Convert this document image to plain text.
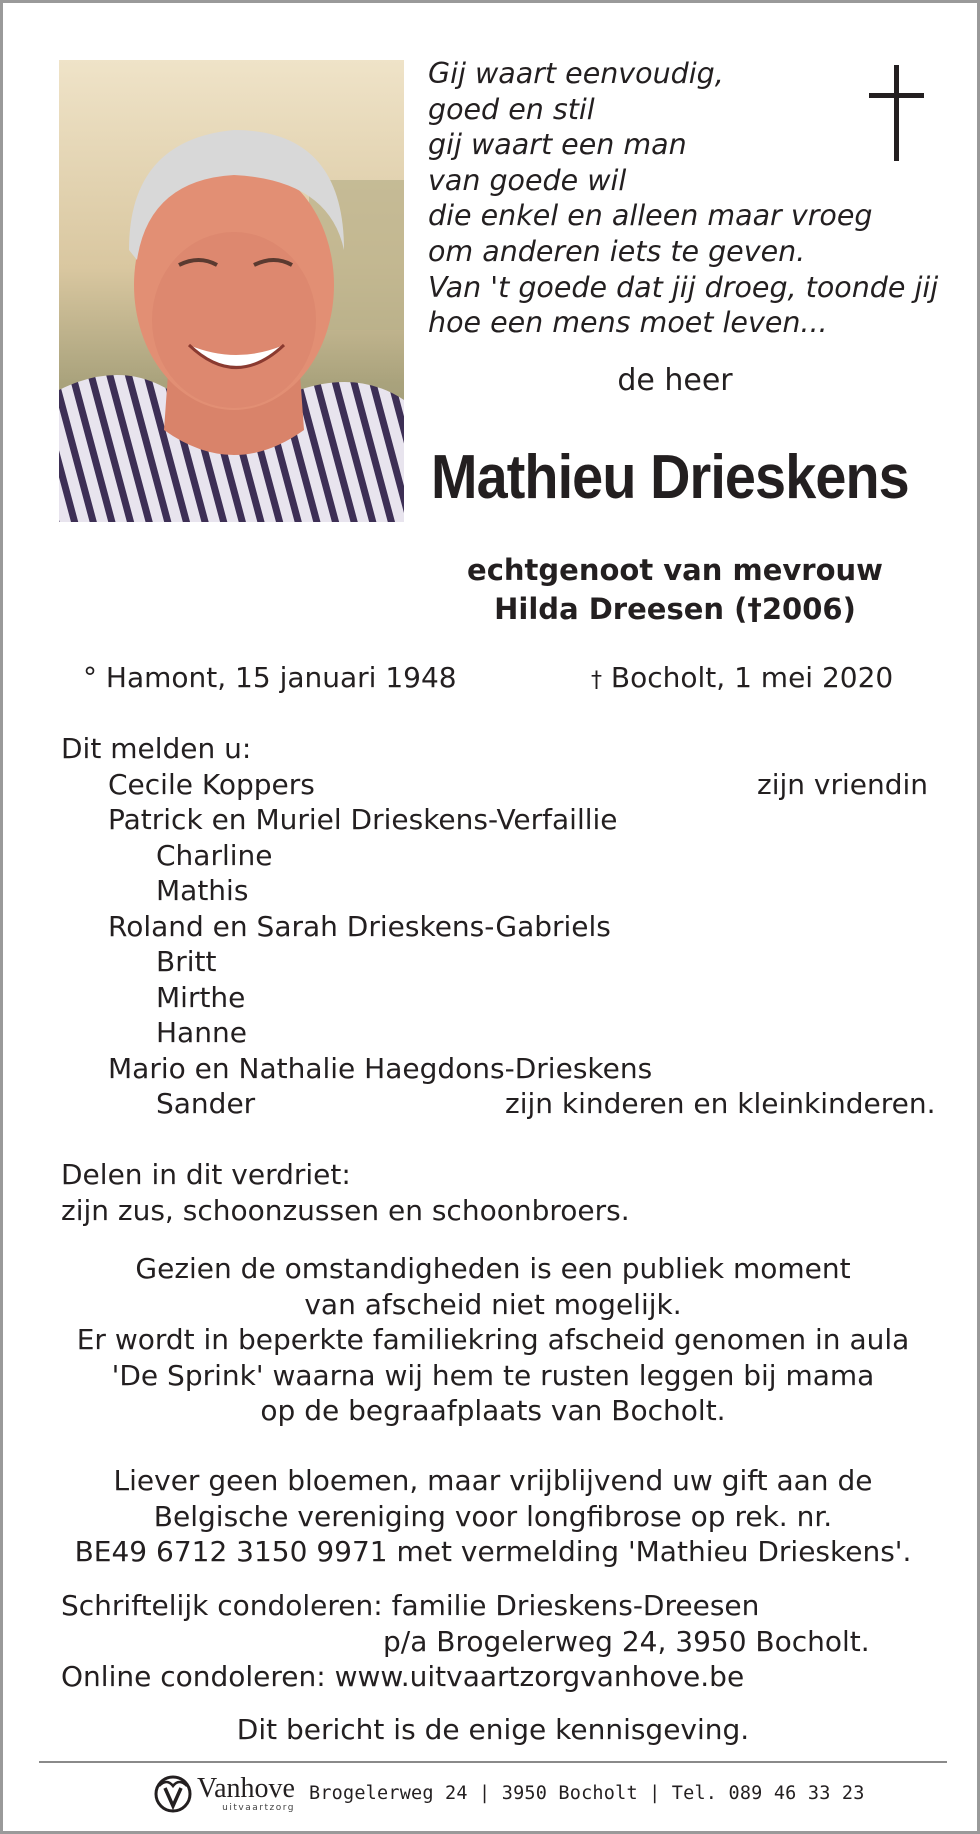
Gij waart eenvoudig,
goed en stil
gij waart een man
van goede wil
die enkel en alleen maar vroeg
om anderen iets te geven.
Van 't goede dat jij droeg, toonde jij
hoe een mens moet leven...
de heer
Mathieu Drieskens
echtgenoot van mevrouw
Hilda Dreesen (†2006)
° Hamont, 15 januari 1948	† Bocholt, 1 mei 2020
Dit melden u:
Cecile Koppers	zijn vriendin
Patrick en Muriel Drieskens-Verfaillie
Charline
Mathis
Roland en Sarah Drieskens-Gabriels
Britt
Mirthe
Hanne
Mario en Nathalie Haegdons-Drieskens
Sander	zijn kinderen en kleinkinderen.
Delen in dit verdriet:
zijn zus, schoonzussen en schoonbroers.
Gezien de omstandigheden is een publiek moment
van afscheid niet mogelijk.
Er wordt in beperkte familiekring afscheid genomen in aula
'De Sprink' waarna wij hem te rusten leggen bij mama
op de begraafplaats van Bocholt.
Liever geen bloemen, maar vrijblijvend uw gift aan de
Belgische vereniging voor longfibrose op rek. nr.
BE49 6712 3150 9971 met vermelding 'Mathieu Drieskens'.
Schriftelijk condoleren: familie Drieskens-Dreesen
p/a Brogelerweg 24, 3950 Bocholt.
Online condoleren: www.uitvaartzorgvanhove.be
Dit bericht is de enige kennisgeving.
Vanhove
uitvaartzorg
Brogelerweg 24 | 3950 Bocholt | Tel. 089 46 33 23
